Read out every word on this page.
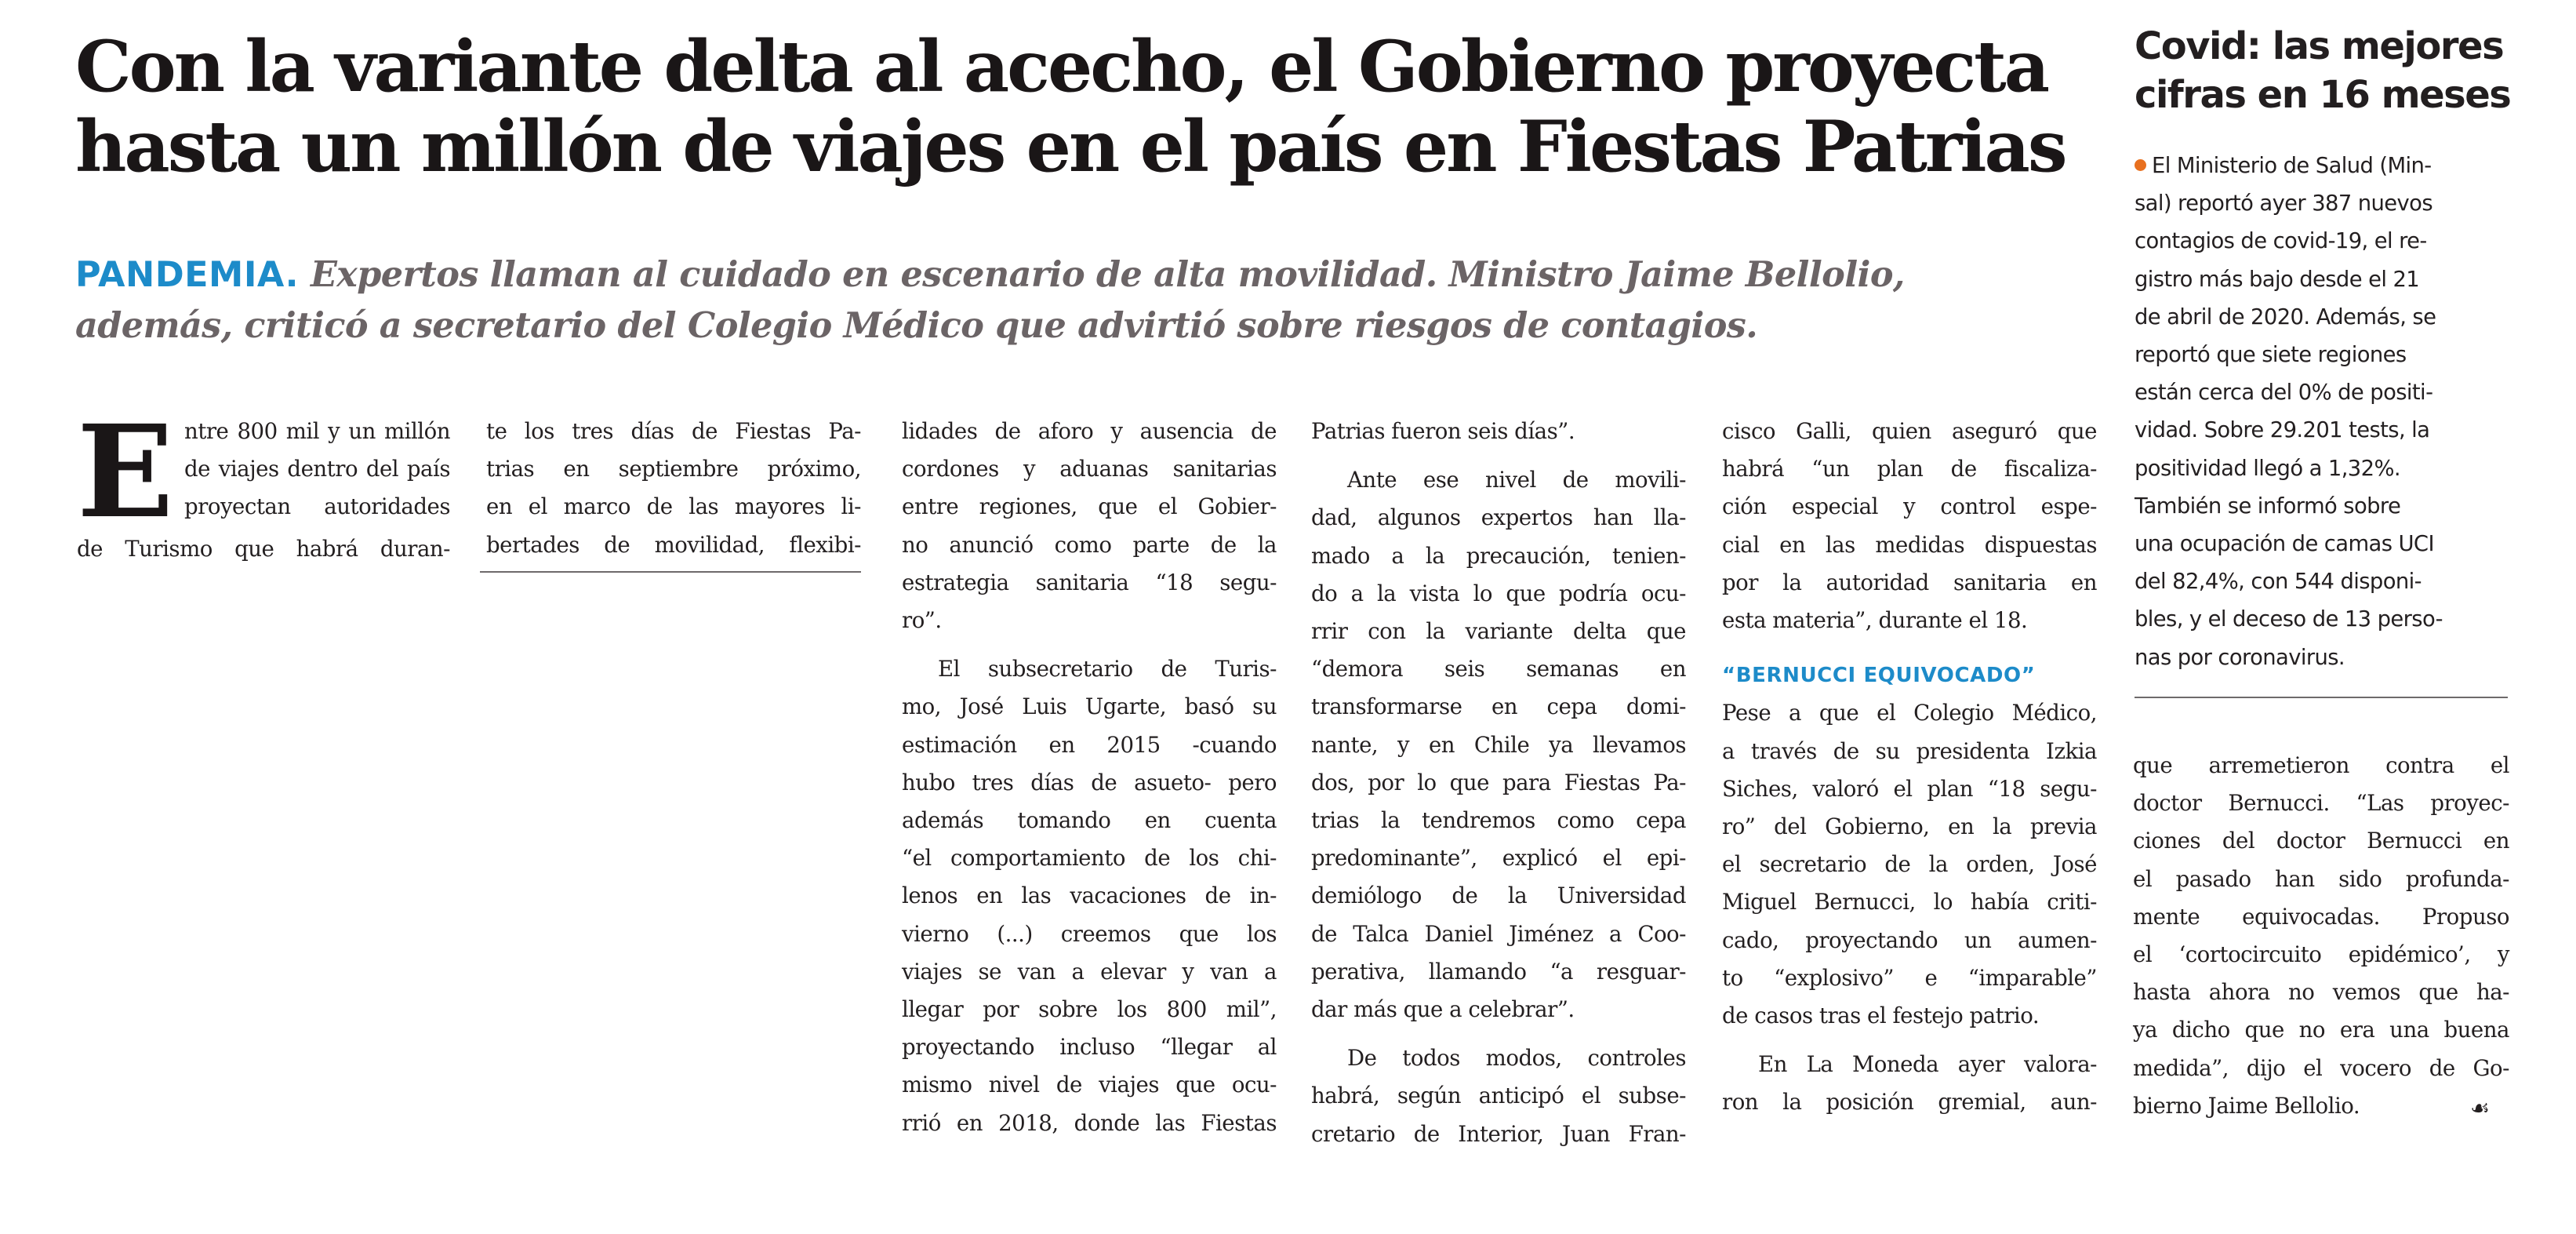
Con la variante delta al acecho, el Gobierno proyecta
hasta un millón de viajes en el país en Fiestas Patrias
PANDEMIA. Expertos llaman al cuidado en escenario de alta movilidad. Ministro Jaime Bellolio,
además, criticó a secretario del Colegio Médico que advirtió sobre riesgos de contagios.
E ntre 800 mil y un millón
de viajes dentro del país
proyectan autoridades
de Turismo que habrá duran-
te los tres días de Fiestas Pa-
trias en septiembre próximo,
en el marco de las mayores li-
bertades de movilidad, flexibi-
lidades de aforo y ausencia de
cordones y aduanas sanitarias
entre regiones, que el Gobier-
no anunció como parte de la
estrategia sanitaria “18 segu-
ro”.
El subsecretario de Turis-
mo, José Luis Ugarte, basó su
estimación en 2015 -cuando
hubo tres días de asueto- pero
además tomando en cuenta
“el comportamiento de los chi-
lenos en las vacaciones de in-
vierno (...) creemos que los
viajes se van a elevar y van a
llegar por sobre los 800 mil”,
proyectando incluso “llegar al
mismo nivel de viajes que ocu-
rrió en 2018, donde las Fiestas
Patrias fueron seis días”.
Ante ese nivel de movili-
dad, algunos expertos han lla-
mado a la precaución, tenien-
do a la vista lo que podría ocu-
rrir con la variante delta que
“demora seis semanas en
transformarse en cepa domi-
nante, y en Chile ya llevamos
dos, por lo que para Fiestas Pa-
trias la tendremos como cepa
predominante”, explicó el epi-
demiólogo de la Universidad
de Talca Daniel Jiménez a Coo-
perativa, llamando “a resguar-
dar más que a celebrar”.
De todos modos, controles
habrá, según anticipó el subse-
cretario de Interior, Juan Fran-
cisco Galli, quien aseguró que
habrá “un plan de fiscaliza-
ción especial y control espe-
cial en las medidas dispuestas
por la autoridad sanitaria en
esta materia”, durante el 18.
“BERNUCCI EQUIVOCADO”
Pese a que el Colegio Médico,
a través de su presidenta Izkia
Siches, valoró el plan “18 segu-
ro” del Gobierno, en la previa
el secretario de la orden, José
Miguel Bernucci, lo había criti-
cado, proyectando un aumen-
to “explosivo” e “imparable”
de casos tras el festejo patrio.
En La Moneda ayer valora-
ron la posición gremial, aun-
Covid: las mejores
cifras en 16 meses
El Ministerio de Salud (Min-
sal) reportó ayer 387 nuevos
contagios de covid-19, el re-
gistro más bajo desde el 21
de abril de 2020. Además, se
reportó que siete regiones
están cerca del 0% de positi-
vidad. Sobre 29.201 tests, la
positividad llegó a 1,32%.
También se informó sobre
una ocupación de camas UCI
del 82,4%, con 544 disponi-
bles, y el deceso de 13 perso-
nas por coronavirus.
que arremetieron contra el
doctor Bernucci. “Las proyec-
ciones del doctor Bernucci en
el pasado han sido profunda-
mente equivocadas. Propuso
el ‘cortocircuito epidémico’, y
hasta ahora no vemos que ha-
ya dicho que no era una buena
medida”, dijo el vocero de Go-
bierno Jaime Bellolio.	☙
